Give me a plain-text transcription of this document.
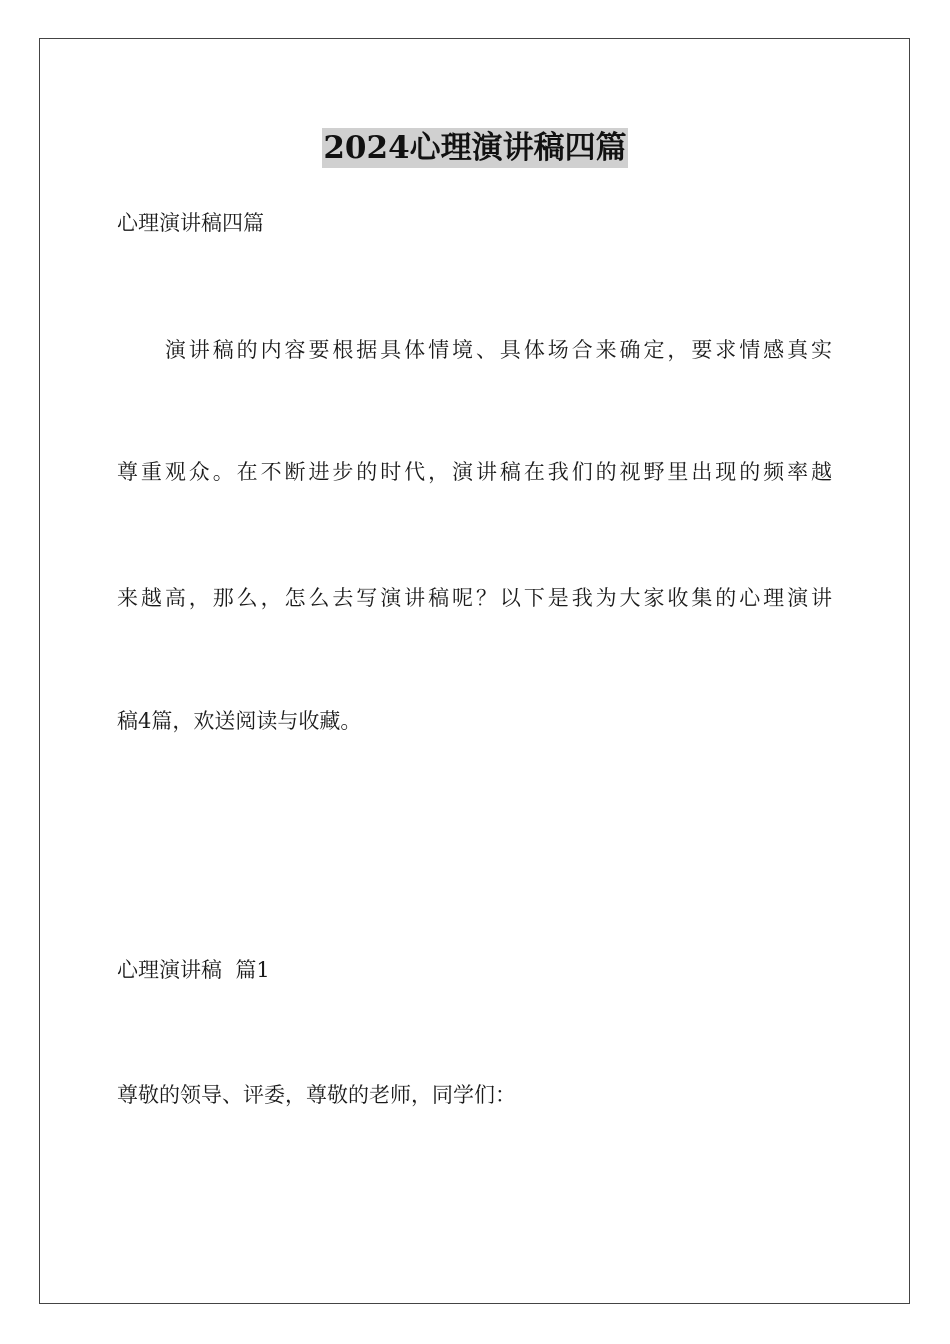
2024心理演讲稿四篇
心理演讲稿四篇
　　演讲稿的内容要根据具体情境、具体场合来确定，要求情感真实
尊重观众。在不断进步的时代，演讲稿在我们的视野里出现的频率越
来越高，那么，怎么去写演讲稿呢？以下是我为大家收集的心理演讲
稿4篇，欢送阅读与收藏。
心理演讲稿  篇1
尊敬的领导、评委，尊敬的老师，同学们：
